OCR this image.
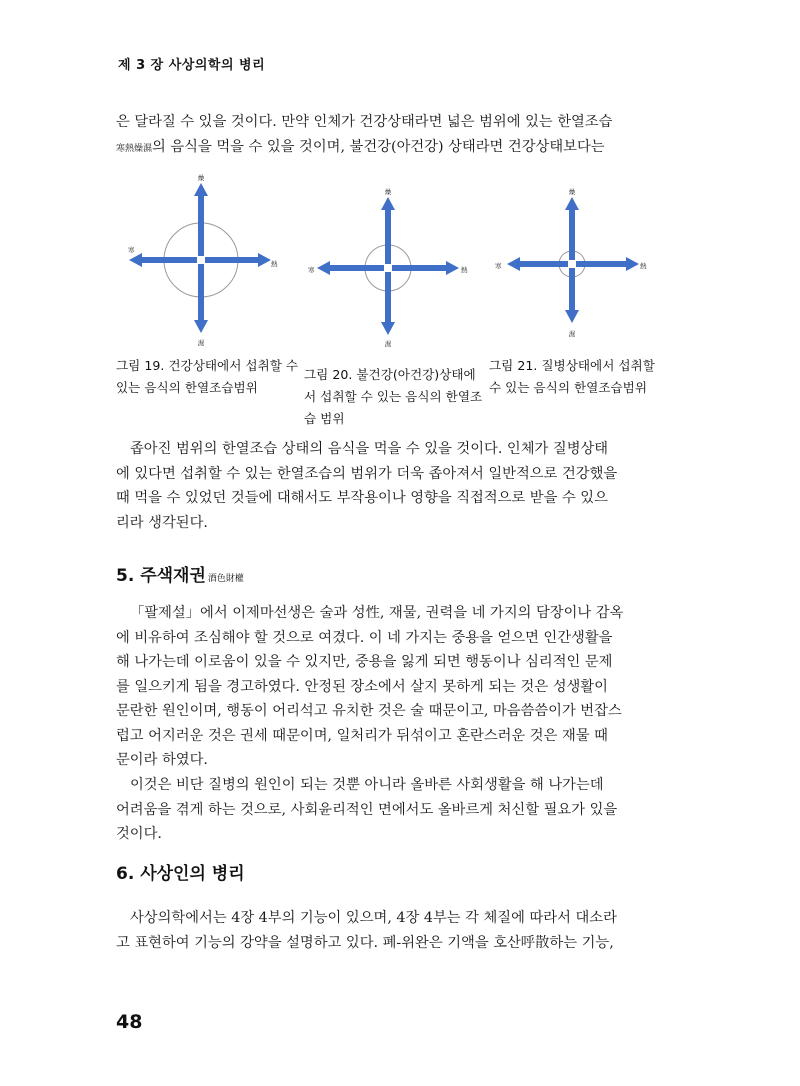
제 3 장 사상의학의 병리
은 달라질 수 있을 것이다. 만약 인체가 건강상태라면 넓은 범위에 있는 한열조습
寒熱燥濕의 음식을 먹을 수 있을 것이며, 불건강(아건강) 상태라면 건강상태보다는
燥
濕
寒
熱
燥
濕
寒	熱
燥
濕
寒	熱
그림 19. 건강상태에서 섭취할 수 있는 음식의 한열조습범위
그림 20. 불건강(아건강)상태에서 섭취할 수 있는 음식의 한열조습 범위
그림 21. 질병상태에서 섭취할 수 있는 음식의 한열조습범위
좁아진 범위의 한열조습 상태의 음식을 먹을 수 있을 것이다. 인체가 질병상태
에 있다면 섭취할 수 있는 한열조습의 범위가 더욱 좁아져서 일반적으로 건강했을
때 먹을 수 있었던 것들에 대해서도 부작용이나 영향을 직접적으로 받을 수 있으
리라 생각된다.
5. 주색재권 酒色財權
「팔제설」에서 이제마선생은 술과 성性, 재물, 권력을 네 가지의 담장이나 감옥
에 비유하여 조심해야 할 것으로 여겼다. 이 네 가지는 중용을 얻으면 인간생활을
해 나가는데 이로움이 있을 수 있지만, 중용을 잃게 되면 행동이나 심리적인 문제
를 일으키게 됨을 경고하였다. 안정된 장소에서 살지 못하게 되는 것은 성생활이
문란한 원인이며, 행동이 어리석고 유치한 것은 술 때문이고, 마음씀씀이가 번잡스
럽고 어지러운 것은 권세 때문이며, 일처리가 뒤섞이고 혼란스러운 것은 재물 때
문이라 하였다.
이것은 비단 질병의 원인이 되는 것뿐 아니라 올바른 사회생활을 해 나가는데
어려움을 겪게 하는 것으로, 사회윤리적인 면에서도 올바르게 처신할 필요가 있을
것이다.
6. 사상인의 병리
사상의학에서는 4장 4부의 기능이 있으며, 4장 4부는 각 체질에 따라서 대소라
고 표현하여 기능의 강약을 설명하고 있다. 폐-위완은 기액을 호산呼散하는 기능,
48
